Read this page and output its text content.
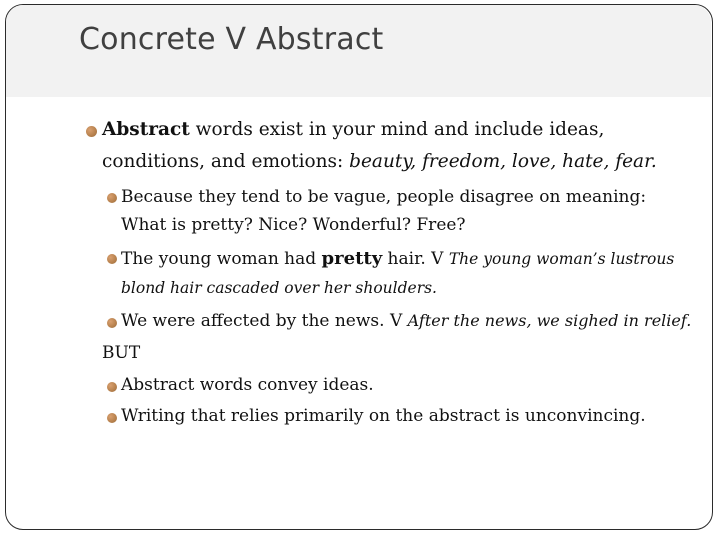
Concrete V Abstract
Abstract words exist in your mind and include ideas,
conditions, and emotions: beauty, freedom, love, hate, fear.
Because they tend to be vague, people disagree on meaning:
What is pretty? Nice? Wonderful? Free?
The young woman had pretty hair. V The young woman’s lustrous
blond hair cascaded over her shoulders.
We were affected by the news. V After the news, we sighed in relief.
BUT
Abstract words convey ideas.
Writing that relies primarily on the abstract is unconvincing.
